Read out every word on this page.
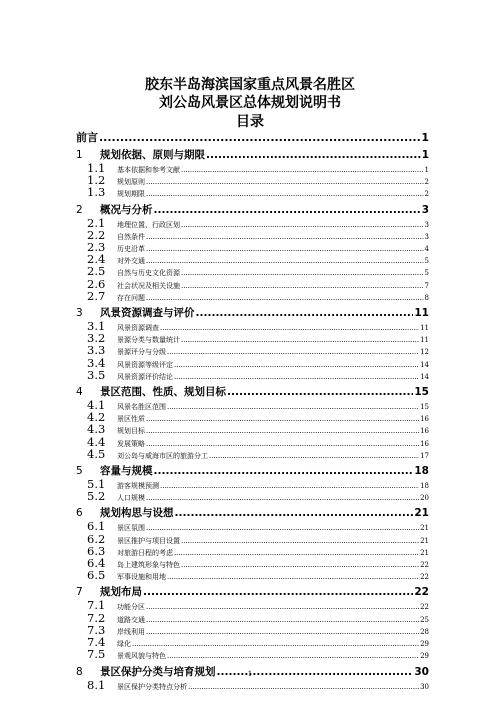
胶东半岛海滨国家重点风景名胜区
刘公岛风景区总体规划说明书
目录
前言 .....	1
1	规划依据、原则与期限 .....	1
1.1	基本依据和参考文献 .....	1
1.2	规划原则 .....	2
1.3	规划期限 .....	2
2	概况与分析 .....	3
2.1	地理位置、行政区划 .....	3
2.2	自然条件 .....	3
2.3	历史沿革 .....	4
2.4	对外交通 .....	5
2.5	自然与历史文化资源 .....	5
2.6	社会状况及相关设施 .....	7
2.7	存在问题 .....	8
3	风景资源调查与评价 .....	11
3.1	风景资源调查 .....	11
3.2	景源分类与数量统计 .....	11
3.3	景源评分与分级 .....	12
3.4	风景资源等级评定 .....	14
3.5	风景资源评价结论 .....	14
4	景区范围、性质、规划目标 .....	15
4.1	风景名胜区范围 .....	15
4.2	景区性质 .....	16
4.3	规划目标 .....	16
4.4	发展策略 .....	16
4.5	刘公岛与威海市区的旅游分工 .....	17
5	容量与规模 .....	18
5.1	游客规模预测 .....	18
5.2	人口规模 .....	20
6	规划构思与设想 .....	21
6.1	景区氛围 .....	21
6.2	景区推护与项目设置 .....	21
6.3	对旅游日程的考虑 .....	21
6.4	岛上建筑形象与特色 .....	22
6.5	军事设施和用地 .....	22
7	规划布局 .....	22
7.1	功能分区 .....	22
7.2	道路交通 .....	25
7.3	岸线利用 .....	28
7.4	绿化 .....	29
7.5	景观风貌与特色 .....	29
8	景区保护分类与培育规划 .....	30
8.1	景区保护分类特点分析 .....	30
1
